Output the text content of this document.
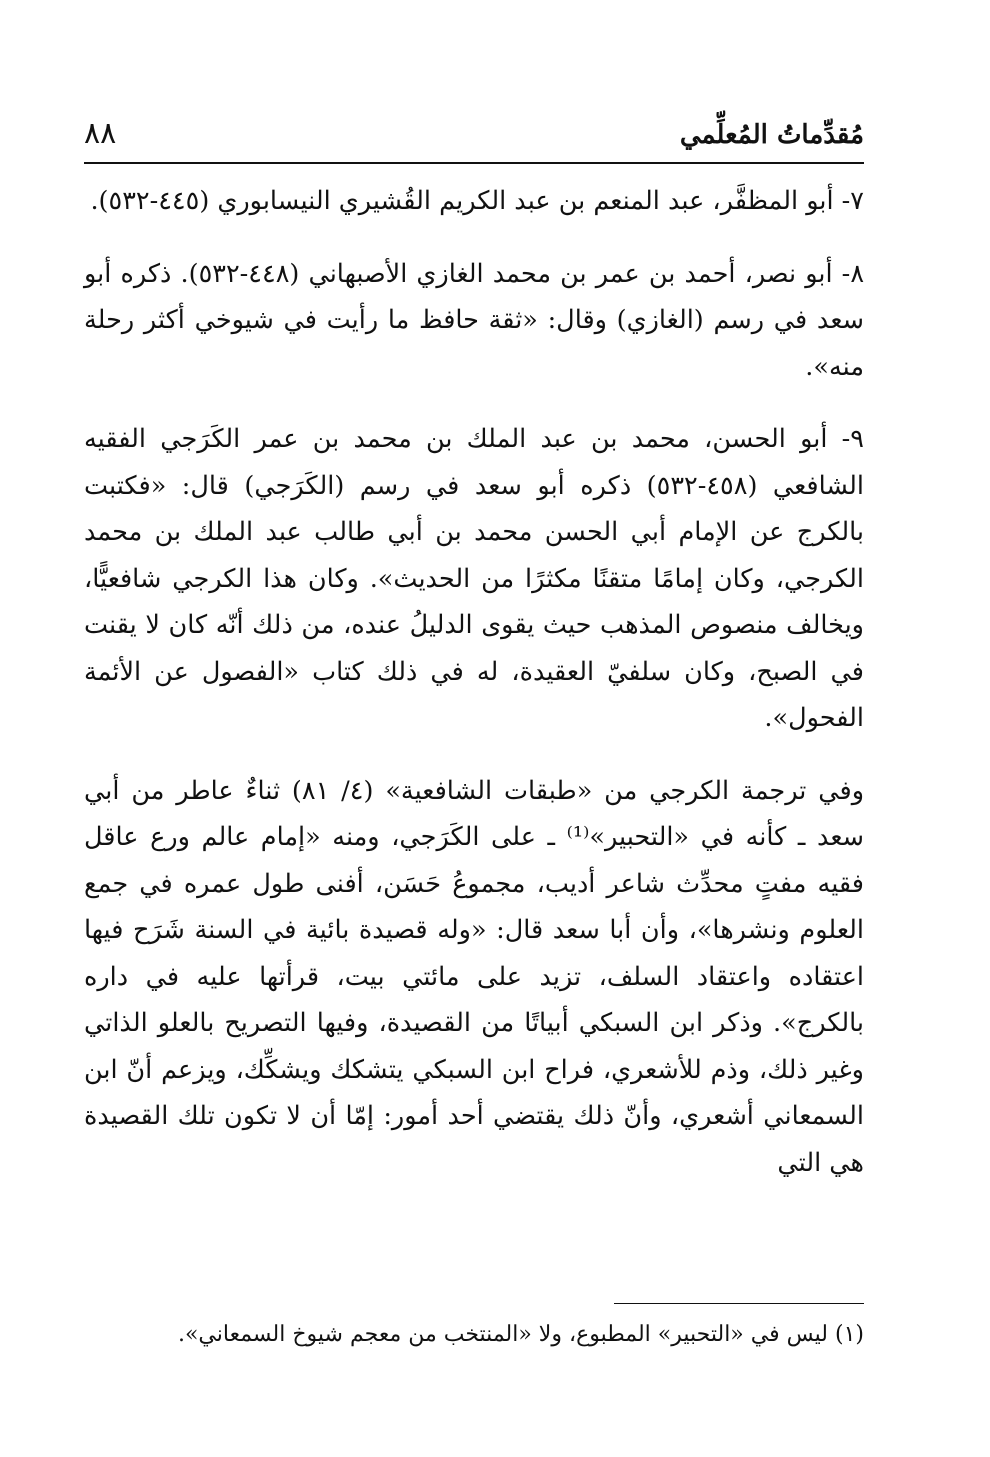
مُقدِّماتُ المُعلِّمي
٨٨

٧- أبو المظفَّر، عبد المنعم بن عبد الكريم القُشيري النيسابوري (٤٤٥-٥٣٢).

٨- أبو نصر، أحمد بن عمر بن محمد الغازي الأصبهاني (٤٤٨-٥٣٢). ذكره أبو سعد في رسم (الغازي) وقال: «ثقة حافظ ما رأيت في شيوخي أكثر رحلة منه».

٩- أبو الحسن، محمد بن عبد الملك بن محمد بن عمر الكَرَجي الفقيه الشافعي (٤٥٨-٥٣٢) ذكره أبو سعد في رسم (الكَرَجي) قال: «فكتبت بالكرج عن الإمام أبي الحسن محمد بن أبي طالب عبد الملك بن محمد الكرجي، وكان إمامًا متقنًا مكثرًا من الحديث». وكان هذا الكرجي شافعيًّا، ويخالف منصوص المذهب حيث يقوى الدليلُ عنده، من ذلك أنّه كان لا يقنت في الصبح، وكان سلفيّ العقيدة، له في ذلك كتاب «الفصول عن الأئمة الفحول».

وفي ترجمة الكرجي من «طبقات الشافعية» (٤/ ٨١) ثناءٌ عاطر من أبي سعد ـ كأنه في «التحبير»⁽¹⁾ ـ على الكَرَجي، ومنه «إمام عالم ورع عاقل فقيه مفتٍ محدِّث شاعر أديب، مجموعُ حَسَن، أفنى طول عمره في جمع العلوم ونشرها»، وأن أبا سعد قال: «وله قصيدة بائية في السنة شَرَح فيها اعتقاده واعتقاد السلف، تزيد على مائتي بيت، قرأتها عليه في داره بالكرج». وذكر ابن السبكي أبياتًا من القصيدة، وفيها التصريح بالعلو الذاتي وغير ذلك، وذم للأشعري، فراح ابن السبكي يتشكك ويشكِّك، ويزعم أنّ ابن السمعاني أشعري، وأنّ ذلك يقتضي أحد أمور: إمّا أن لا تكون تلك القصيدة هي التي

(١) ليس في «التحبير» المطبوع، ولا «المنتخب من معجم شيوخ السمعاني».
